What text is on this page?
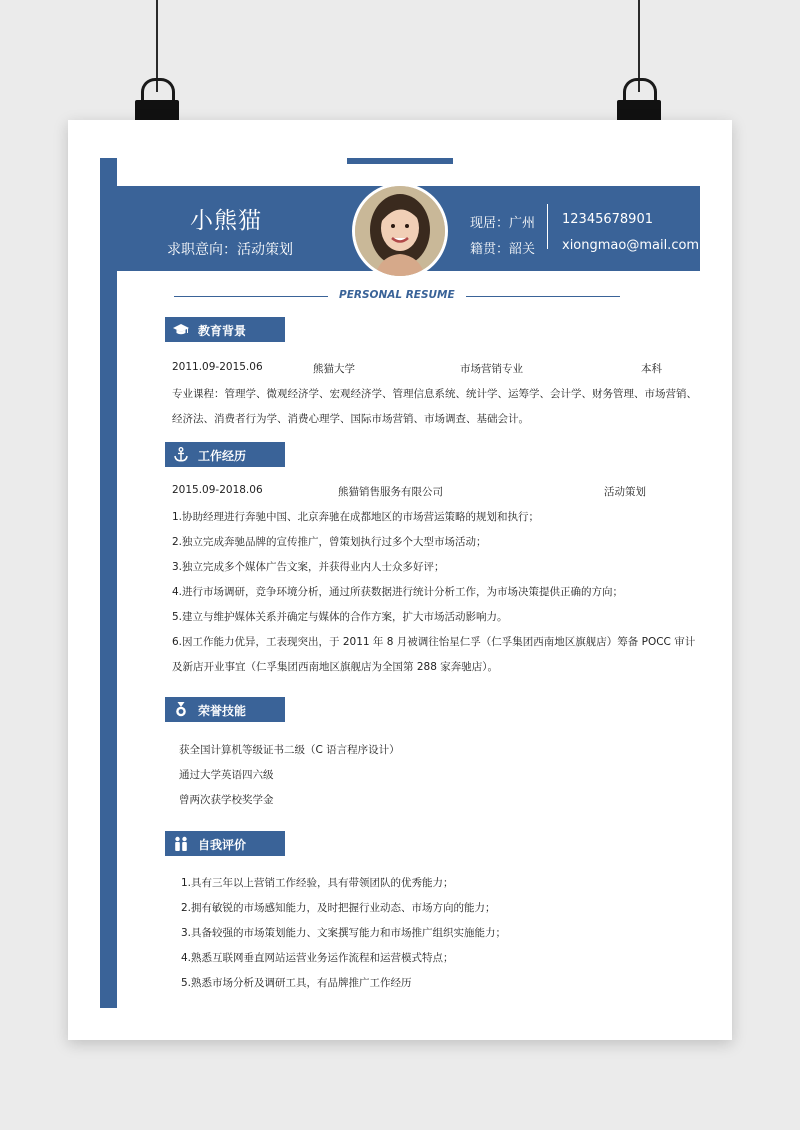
小熊猫
求职意向：活动策划
现居：广州
籍贯：韶关
12345678901
xiongmao@mail.com
PERSONAL RESUME
教育背景
2011.09-2015.06	熊猫大学	市场营销专业	本科
专业课程：管理学、微观经济学、宏观经济学、管理信息系统、统计学、运筹学、会计学、财务管理、市场营销、
经济法、消费者行为学、消费心理学、国际市场营销、市场调查、基础会计。
工作经历
2015.09-2018.06	熊猫销售服务有限公司	活动策划
1.协助经理进行奔驰中国、北京奔驰在成都地区的市场营运策略的规划和执行；
2.独立完成奔驰品牌的宣传推广，曾策划执行过多个大型市场活动；
3.独立完成多个媒体广告文案，并获得业内人士众多好评；
4.进行市场调研，竞争环境分析，通过所获数据进行统计分析工作，为市场决策提供正确的方向；
5.建立与维护媒体关系并确定与媒体的合作方案，扩大市场活动影响力。
6.因工作能力优异，工表现突出，于 2011 年 8 月被调往怡星仁孚（仁孚集团西南地区旗舰店）筹备 POCC 审计
及新店开业事宜（仁孚集团西南地区旗舰店为全国第 288 家奔驰店）。
荣誉技能
获全国计算机等级证书二级（C 语言程序设计）
通过大学英语四六级
曾两次获学校奖学金
自我评价
1.具有三年以上营销工作经验，具有带领团队的优秀能力；
2.拥有敏锐的市场感知能力，及时把握行业动态、市场方向的能力；
3.具备较强的市场策划能力、文案撰写能力和市场推广组织实施能力；
4.熟悉互联网垂直网站运营业务运作流程和运营模式特点；
5.熟悉市场分析及调研工具，有品牌推广工作经历
